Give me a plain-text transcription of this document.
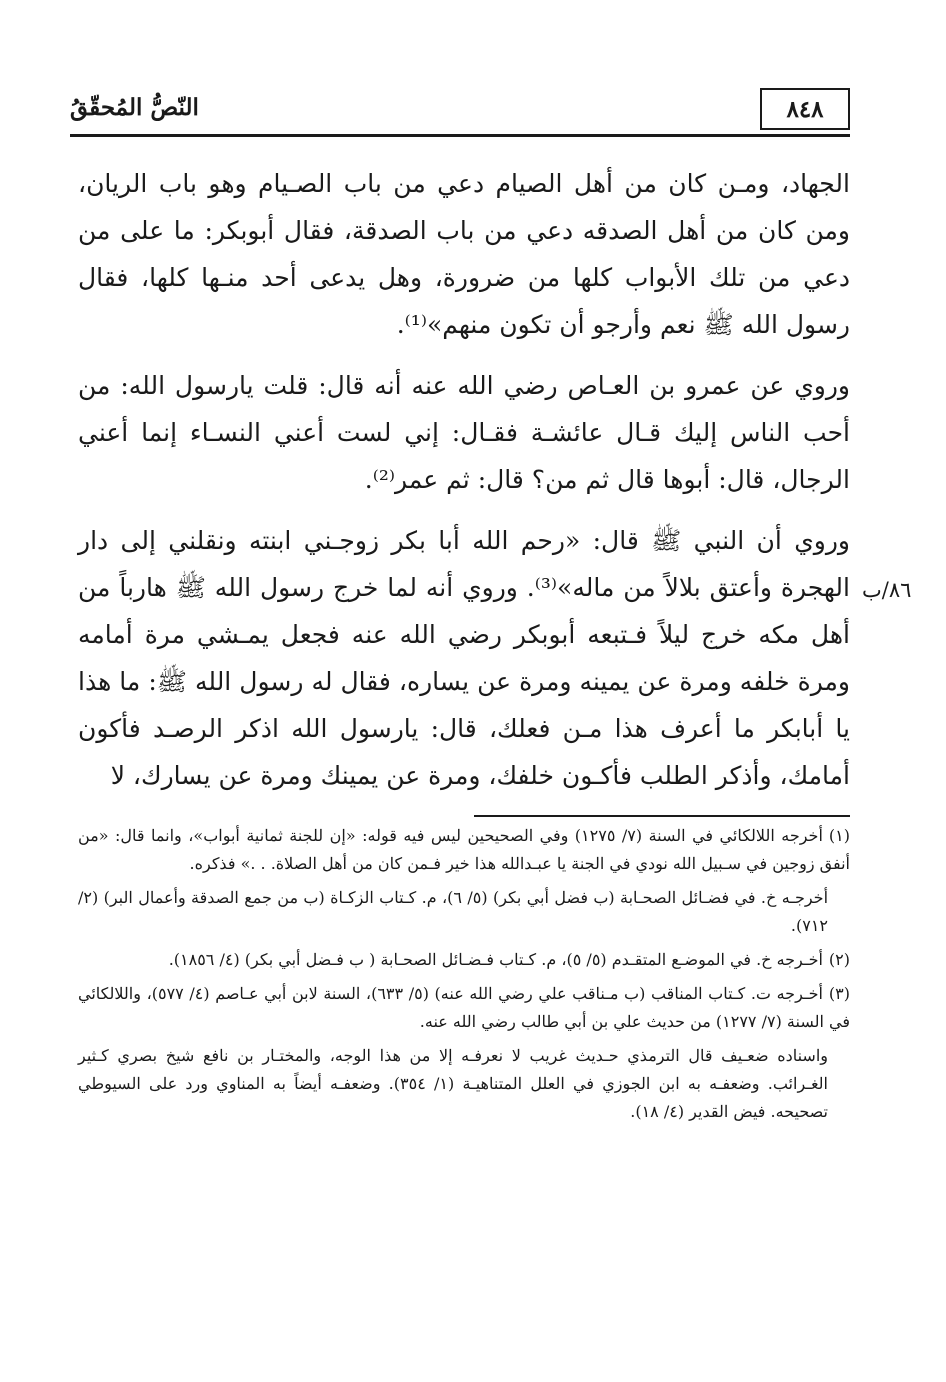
٨٤٨
النّصُّ المُحقّقُ

الجهاد، ومـن كان من أهل الصيام دعي من باب الصـيام وهو باب الريان، ومن كان من أهل الصدقه دعي من باب الصدقة، فقال أبوبكر: ما على من دعي من تلك الأبواب كلها من ضرورة، وهل يدعى أحد منـها كلها، فقال رسول الله ﷺ نعم وأرجو أن تكون منهم»⁽¹⁾.

وروي عن عمرو بن العـاص رضي الله عنه أنه قال: قلت يارسول الله: من أحب الناس إليك قـال عائشـة فقـال: إني لست أعني النسـاء إنما أعني الرجال، قال: أبوها قال ثم من؟ قال: ثم عمر⁽²⁾.

وروي أن النبي ﷺ قال: «رحم الله أبا بكر زوجـني ابنته ونقلني إلى دار الهجرة وأعتق بلالاً من ماله»⁽³⁾. وروي أنه لما خرج رسول الله ﷺ هارباً من أهل مكه خرج ليلاً فـتبعه أبوبكر رضي الله عنه فجعل يمـشي مرة أمامه ومرة خلفه ومرة عن يمينه ومرة عن يساره، فقال له رسول الله ﷺ: ما هذا يا أبابكر ما أعرف هذا مـن فعلك، قال: يارسول الله اذكر الرصـد فأكون أمامك، وأذكر الطلب فأكـون خلفك، ومرة عن يمينك ومرة عن يسارك، لا

٨٦/ب

(١)أخرجه اللالكائي في السنة (٧/ ١٢٧٥) وفي الصحيحين ليس فيه قوله: «إن للجنة ثمانية أبواب»، وانما قال: «من أنفق زوجين في سـبيل الله نودي في الجنة يا عبـدالله هذا خير فـمن كان من أهل الصلاة. . .» فذكره.

أخرجـه خ. في فضـائل الصحـابة (ب فضل أبي بكر) (٥/ ٦)، م. كـتاب الزكـاة (ب من جمع الصدقة وأعمال البر) (٢/ ٧١٢).

(٢)أخـرجه خ. في الموضـع المتقـدم (٥/ ٥)، م. كـتاب فـضـائل الصحـابة ( ب فـضل أبي بكر) (٤/ ١٨٥٦).

(٣)أخـرجه ت. كـتاب المناقب (ب مـناقب علي رضي الله عنه) (٥/ ٦٣٣)، السنة لابن أبي عـاصم (٤/ ٥٧٧)، واللالكائي في السنة (٧/ ١٢٧٧) من حديث علي بن أبي طالب رضي الله عنه.

واسناده ضعـيف قال الترمذي حـديث غريب لا نعرفـه إلا من هذا الوجه، والمختـار بن نافع شيخ بصري كـثير الغـرائب. وضعفـه به ابن الجوزي في العلل المتناهيـة (١/ ٣٥٤). وضعفـه أيضاً به المناوي ورد على السيوطي تصحيحه. فيض القدير (٤/ ١٨).
